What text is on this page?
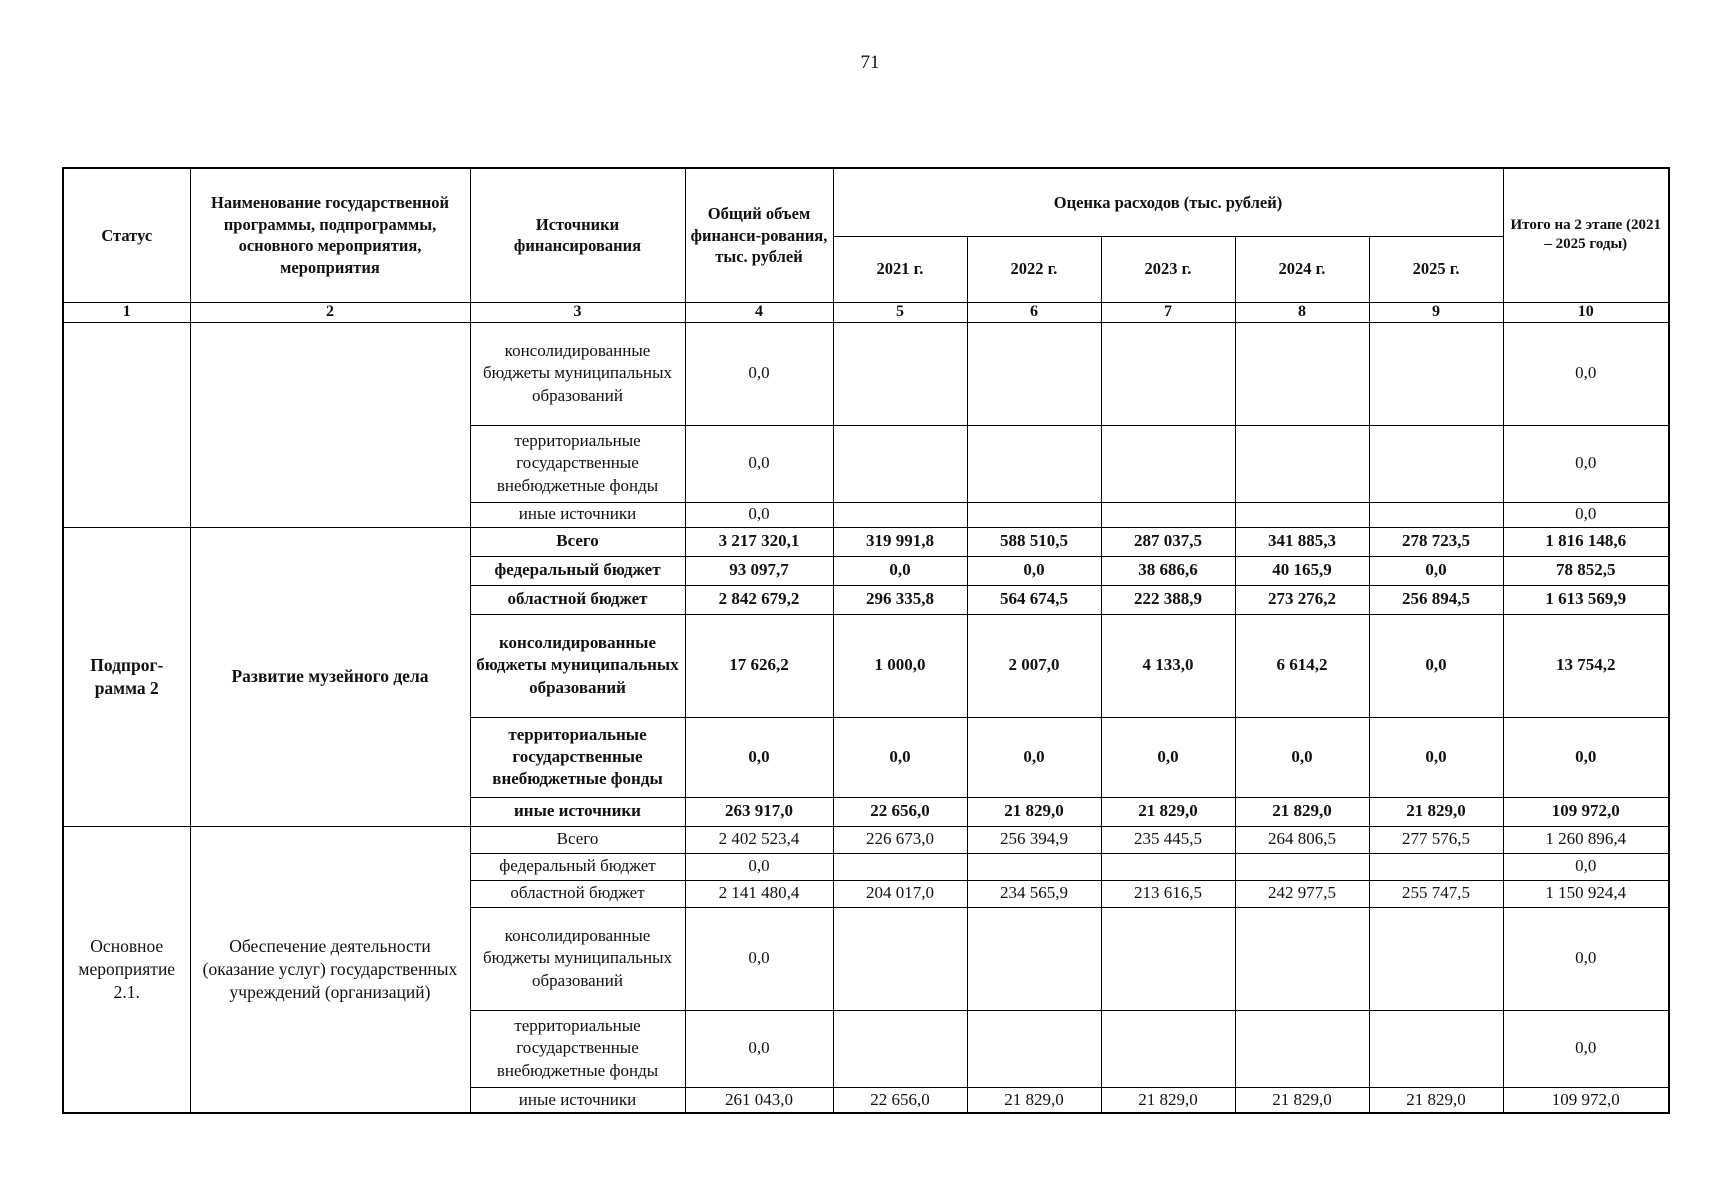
71
Статус	Наименование государственной программы, подпрограммы, основного мероприятия, мероприятия	Источники финансирования	Общий объем финанси-рования, тыс. рублей	Оценка расходов (тыс. рублей)					Итого на 2 этапе (2021 – 2025 годы)
				2021 г.	2022 г.	2023 г.	2024 г.	2025 г.	
1	2	3	4	5	6	7	8	9	10
		консолидированные бюджеты муниципальных образований	0,0						0,0
		территориальные государственные внебюджетные фонды	0,0						0,0
		иные источники	0,0						0,0
Подпрог-рамма 2	Развитие музейного дела	Всего	3 217 320,1	319 991,8	588 510,5	287 037,5	341 885,3	278 723,5	1 816 148,6
		федеральный бюджет	93 097,7	0,0	0,0	38 686,6	40 165,9	0,0	78 852,5
		областной бюджет	2 842 679,2	296 335,8	564 674,5	222 388,9	273 276,2	256 894,5	1 613 569,9
		консолидированные бюджеты муниципальных образований	17 626,2	1 000,0	2 007,0	4 133,0	6 614,2	0,0	13 754,2
		территориальные государственные внебюджетные фонды	0,0	0,0	0,0	0,0	0,0	0,0	0,0
		иные источники	263 917,0	22 656,0	21 829,0	21 829,0	21 829,0	21 829,0	109 972,0
Основное мероприятие 2.1.	Обеспечение деятельности (оказание услуг) государственных учреждений (организаций)	Всего	2 402 523,4	226 673,0	256 394,9	235 445,5	264 806,5	277 576,5	1 260 896,4
		федеральный бюджет	0,0						0,0
		областной бюджет	2 141 480,4	204 017,0	234 565,9	213 616,5	242 977,5	255 747,5	1 150 924,4
		консолидированные бюджеты муниципальных образований	0,0						0,0
		территориальные государственные внебюджетные фонды	0,0						0,0
		иные источники	261 043,0	22 656,0	21 829,0	21 829,0	21 829,0	21 829,0	109 972,0
